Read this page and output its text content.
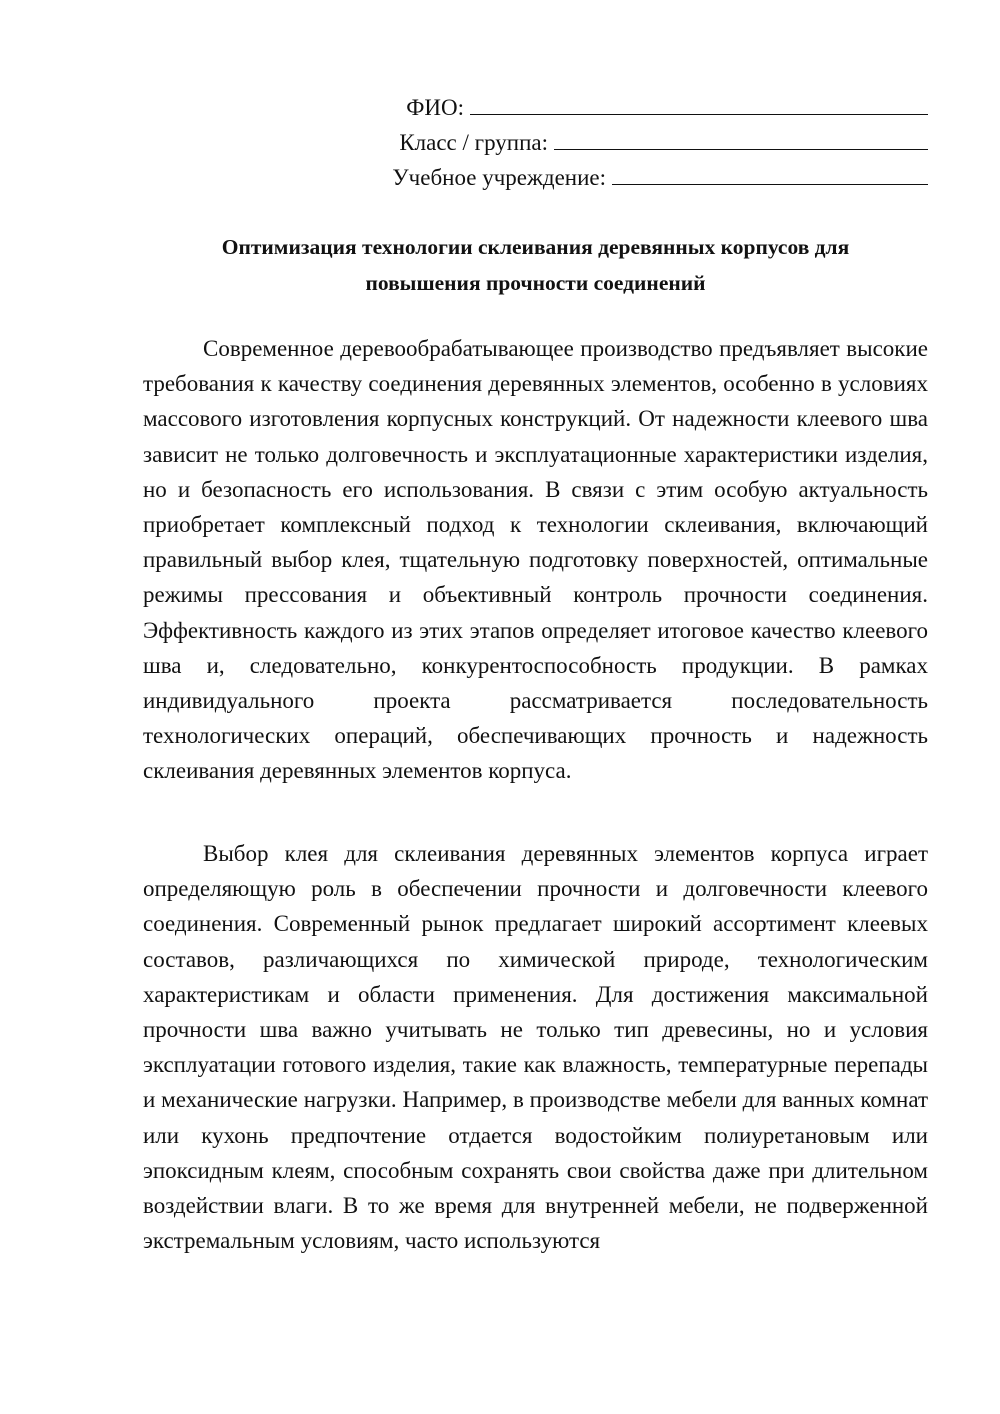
ФИО:
Класс / группа:
Учебное учреждение:
Оптимизация технологии склеивания деревянных корпусов для
повышения прочности соединений

Современное деревообрабатывающее производство предъявляет высокие требования к качеству соединения деревянных элементов, особенно в условиях массового изготовления корпусных конструкций. От надежности клеевого шва зависит не только долговечность и эксплуатационные характеристики изделия, но и безопасность его использования. В связи с этим особую актуальность приобретает комплексный подход к технологии склеивания, включающий правильный выбор клея, тщательную подготовку поверхностей, оптимальные режимы прессования и объективный контроль прочности соединения. Эффективность каждого из этих этапов определяет итоговое качество клеевого шва и, следовательно, конкурентоспособность продукции. В рамках индивидуального проекта рассматривается последовательность технологических операций, обеспечивающих прочность и надежность склеивания деревянных элементов корпуса.

Выбор клея для склеивания деревянных элементов корпуса играет определяющую роль в обеспечении прочности и долговечности клеевого соединения. Современный рынок предлагает широкий ассортимент клеевых составов, различающихся по химической природе, технологическим характеристикам и области применения. Для достижения максимальной прочности шва важно учитывать не только тип древесины, но и условия эксплуатации готового изделия, такие как влажность, температурные перепады и механические нагрузки. Например, в производстве мебели для ванных комнат или кухонь предпочтение отдается водостойким полиуретановым или эпоксидным клеям, способным сохранять свои свойства даже при длительном воздействии влаги. В то же время для внутренней мебели, не подверженной экстремальным условиям, часто используются
